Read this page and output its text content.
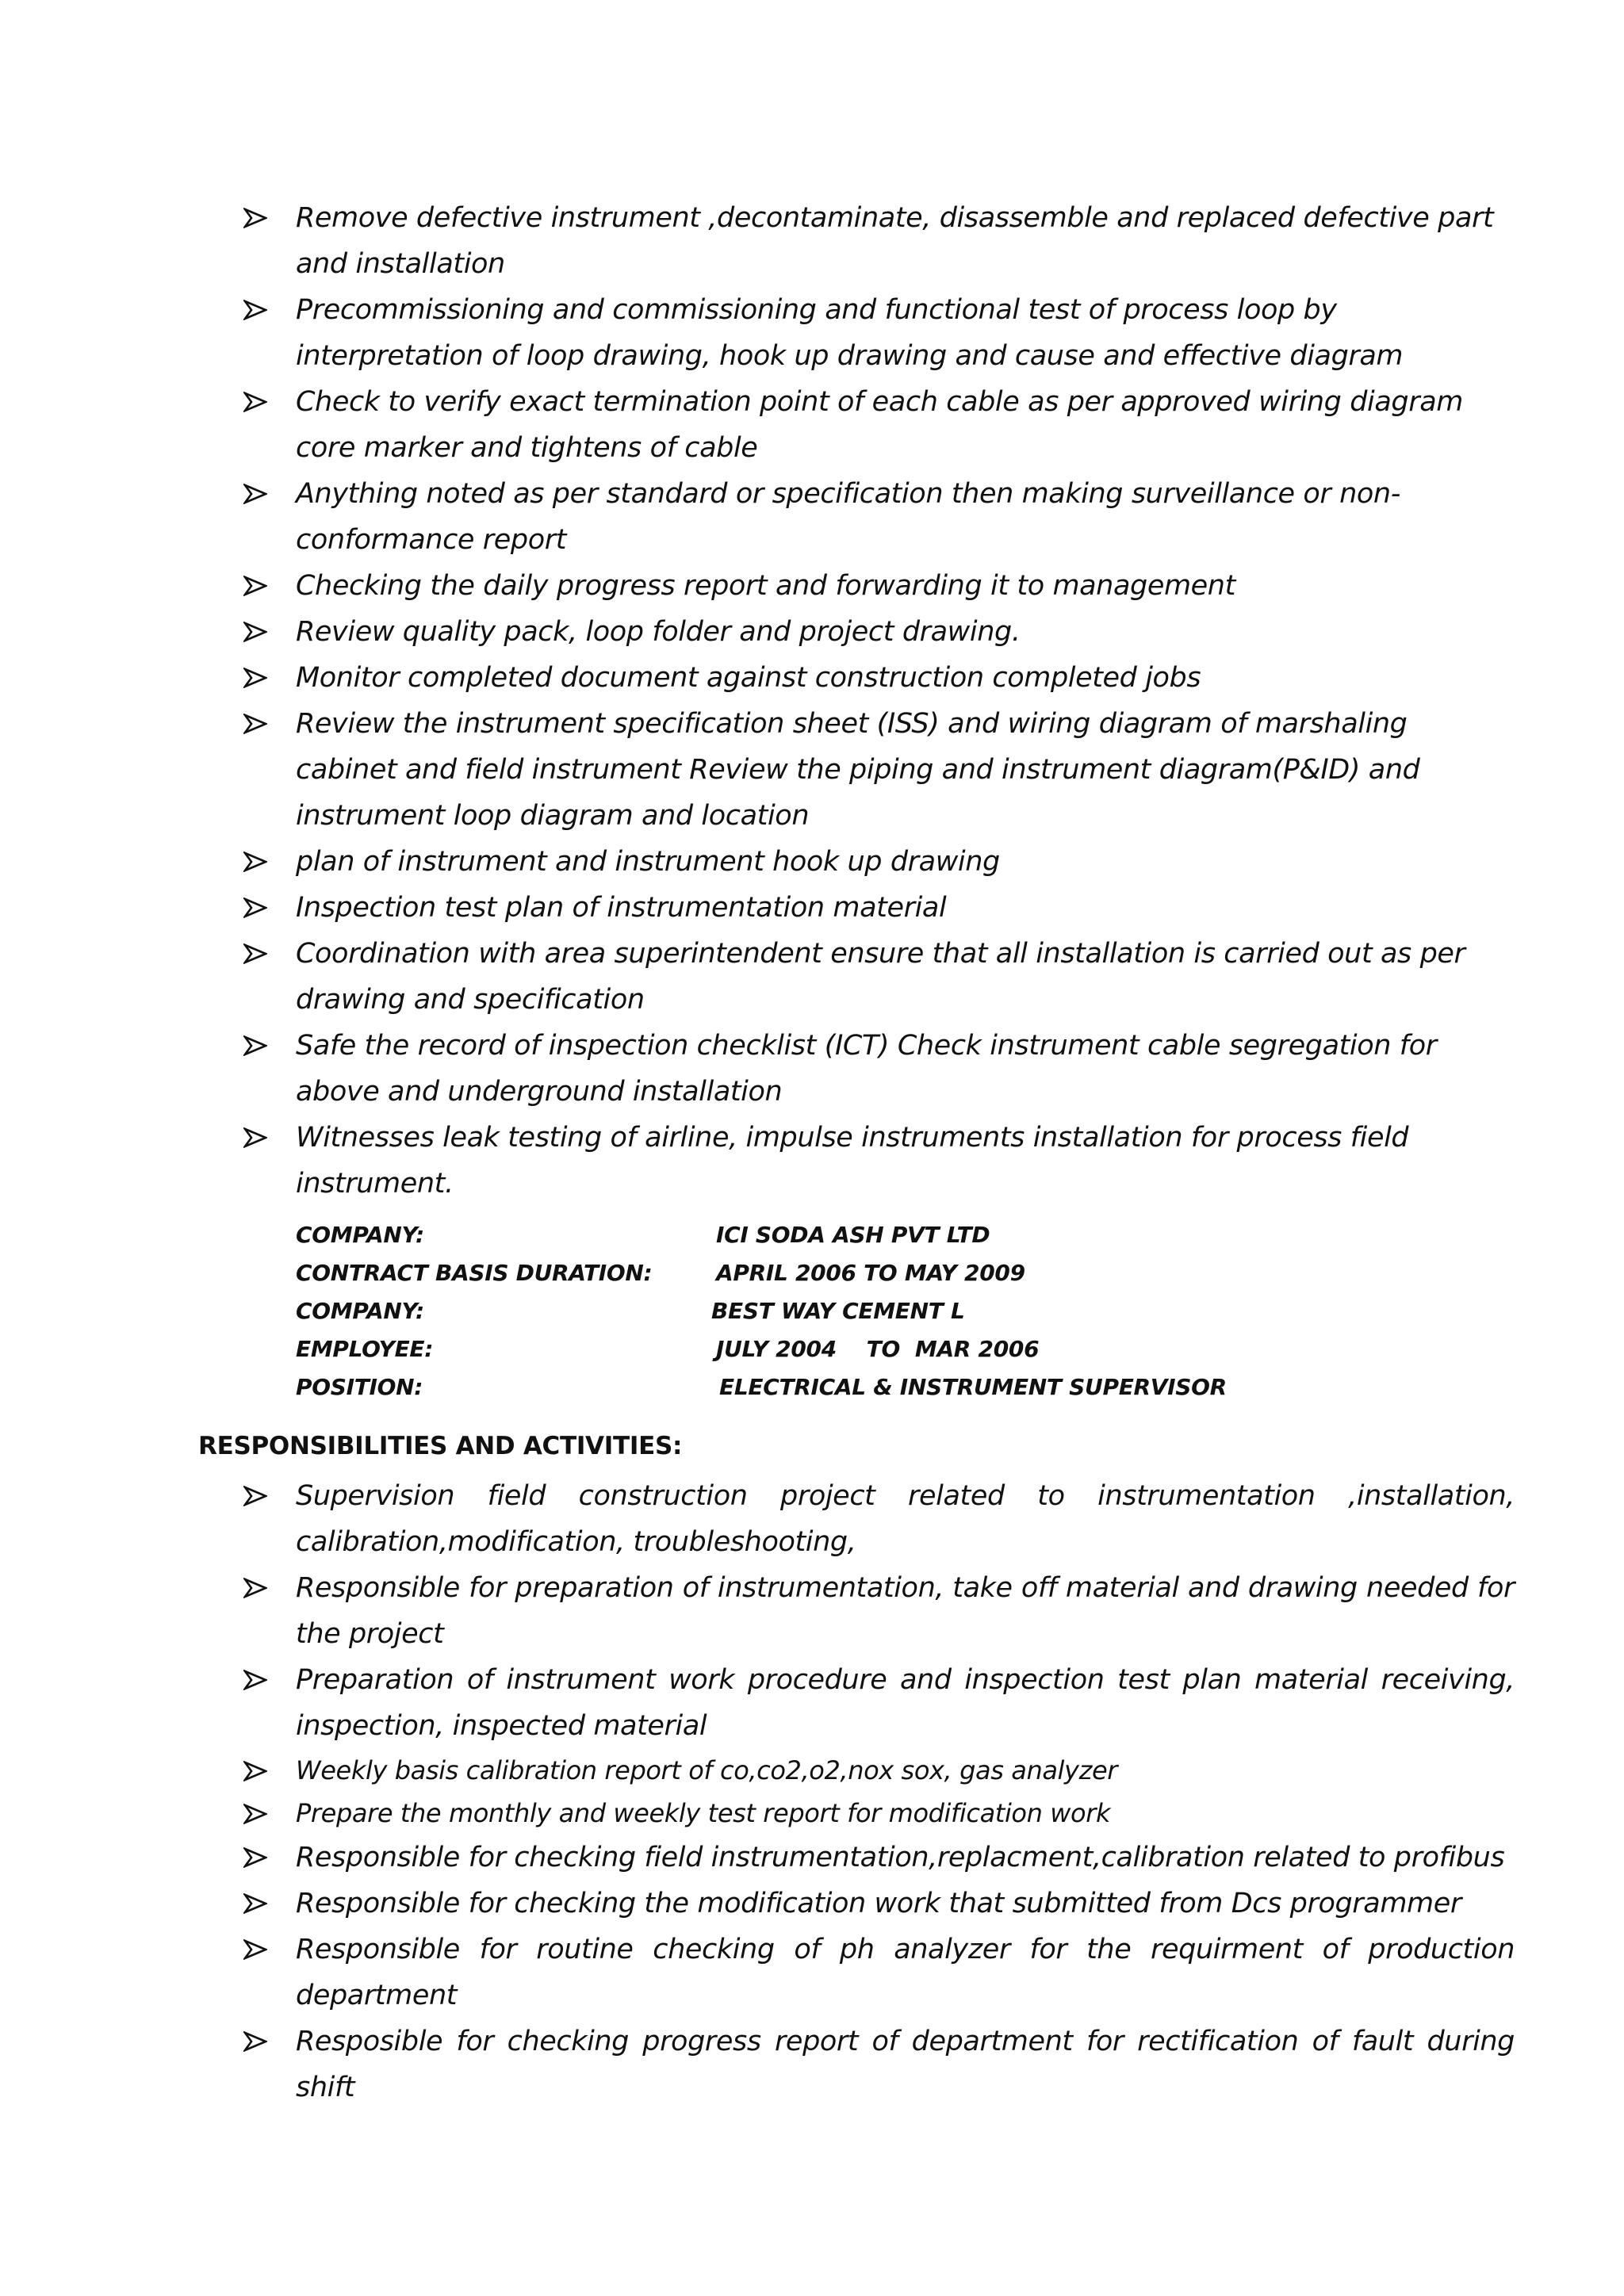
Remove defective instrument ,decontaminate, disassemble and replaced defective part and installation
Precommissioning and commissioning and functional test of process loop by interpretation of loop drawing, hook up drawing and cause and effective diagram
Check to verify exact termination point of each cable as per approved wiring diagram core marker and tightens of cable
Anything noted as per standard or specification then making surveillance or non-conformance report
Checking the daily progress report and forwarding it to management
Review quality pack, loop folder and project drawing.
Monitor completed document against construction completed jobs
Review the instrument specification sheet (ISS) and wiring diagram of marshaling cabinet and field instrument Review the piping and instrument diagram(P&ID) and instrument loop diagram and location
plan of instrument and instrument hook up drawing
Inspection test plan of instrumentation material
Coordination with area superintendent ensure that all installation is carried out as per drawing and specification
Safe the record of inspection checklist (ICT) Check instrument cable segregation for above and underground installation
Witnesses leak testing of airline, impulse instruments installation for process field instrument.
COMPANY:	ICI SODA ASH PVT LTD
CONTRACT BASIS DURATION:	APRIL 2006 TO MAY 2009
COMPANY:	BEST WAY CEMENT L
EMPLOYEE:	JULY 2004    TO  MAR 2006
POSITION:	ELECTRICAL & INSTRUMENT SUPERVISOR
RESPONSIBILITIES AND ACTIVITIES:
Supervision field construction project related to instrumentation ,installation, calibration,modification, troubleshooting,
Responsible for preparation of instrumentation, take off material and drawing needed for the project
Preparation of instrument work procedure and inspection test plan material receiving, inspection, inspected material
Weekly basis calibration report of co,co2,o2,nox sox, gas analyzer
Prepare the monthly and weekly test report for modification work
Responsible for checking field instrumentation,replacment,calibration related to profibus
Responsible for checking the modification work that submitted from Dcs programmer
Responsible for routine checking of ph analyzer for the requirment of production department
Resposible for checking progress report of department for rectification of fault during shift
